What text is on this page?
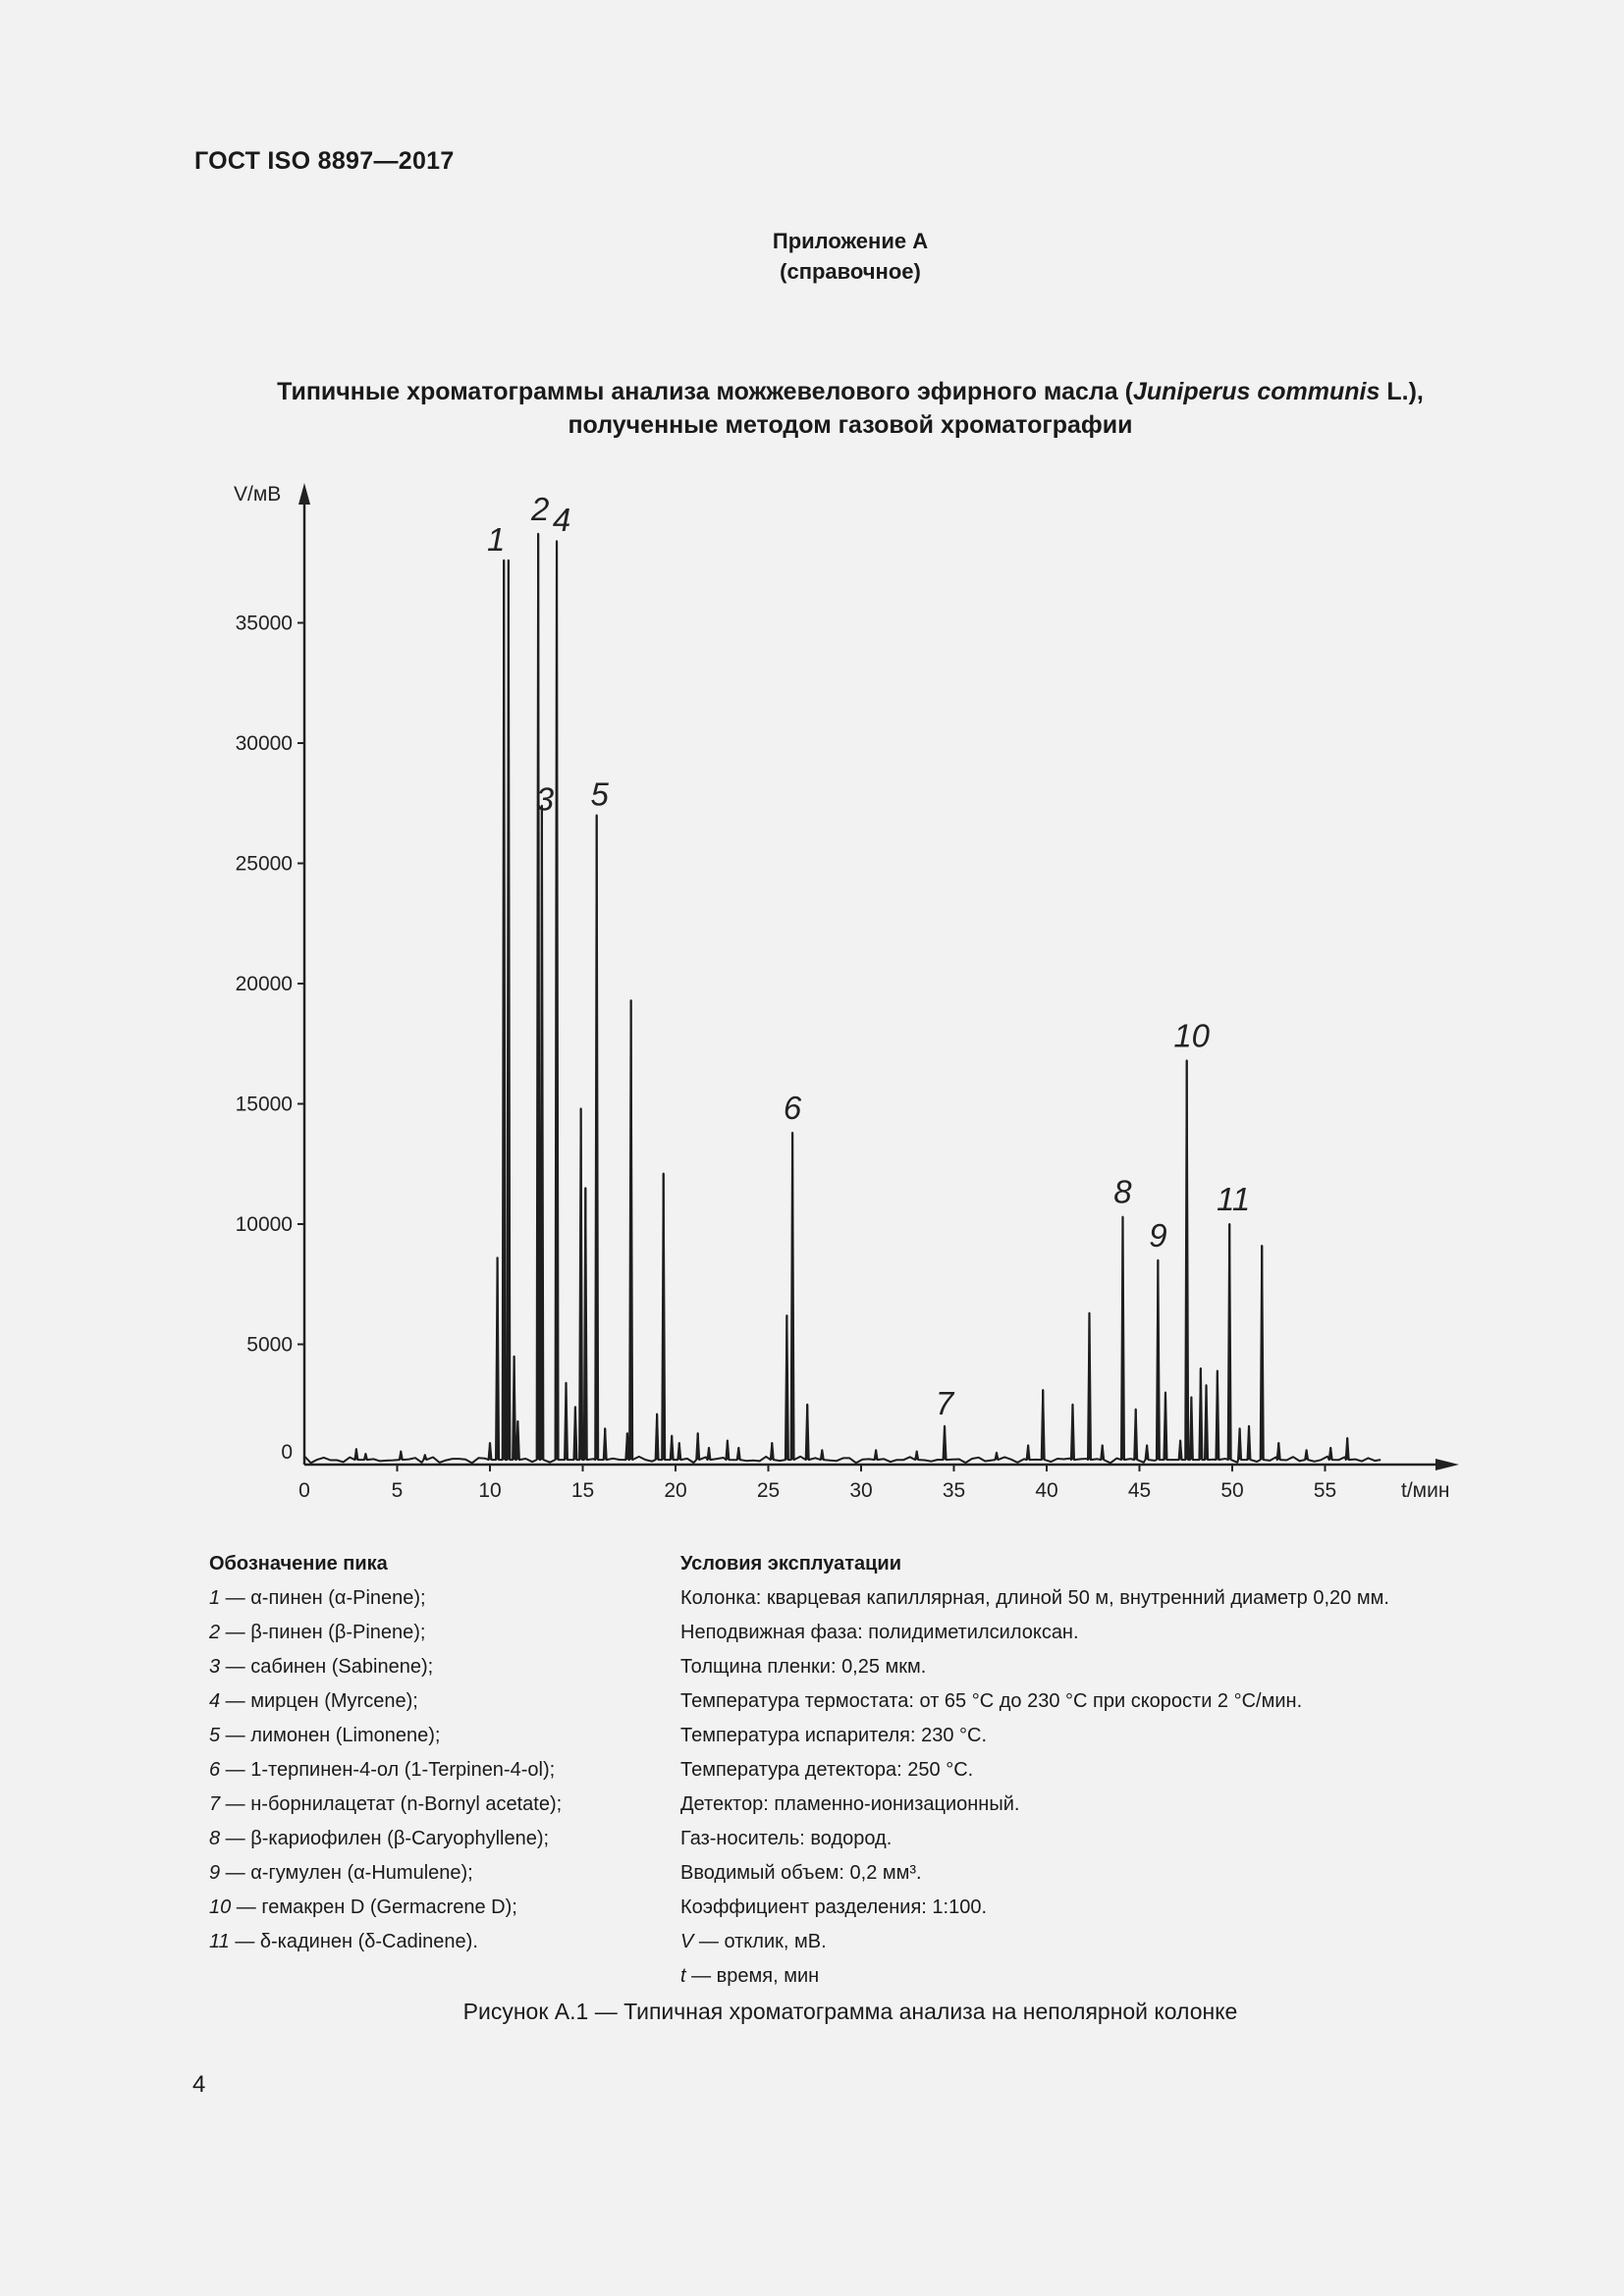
ГОСТ ISO 8897—2017
Приложение А
(справочное)
Типичные хроматограммы анализа можжевелового эфирного масла (Juniperus communis L.),
полученные методом газовой хроматографии
V/мВ
t/мин
0
5000
10000
15000
20000
25000
30000
35000
0	5	10	15	20	25	30	35	40	45	50	55
1
2
3
4
5
6
7
8
9
10
11
Обозначение пика
1 — α-пинен (α-Pinene);
2 — β-пинен (β-Pinene);
3 — сабинен (Sabinene);
4 — мирцен (Myrcene);
5 — лимонен (Limonene);
6 — 1-терпинен-4-ол (1-Terpinen-4-ol);
7 — н-борнилацетат (n-Bornyl acetate);
8 — β-кариофилен (β-Caryophyllene);
9 — α-гумулен (α-Humulene);
10 — гемакрен D (Germacrene D);
11 — δ-кадинен (δ-Cadinene).
Условия эксплуатации
Колонка: кварцевая капиллярная, длиной 50 м, внутренний диаметр 0,20 мм.
Неподвижная фаза: полидиметилсилоксан.
Толщина пленки: 0,25 мкм.
Температура термостата: от 65 °С до 230 °С при скорости 2 °С/мин.
Температура испарителя: 230 °С.
Температура детектора: 250 °С.
Детектор: пламенно-ионизационный.
Газ-носитель: водород.
Вводимый объем: 0,2 мм³.
Коэффициент разделения: 1:100.
V — отклик, мВ.
t — время, мин
Рисунок А.1 — Типичная хроматограмма анализа на неполярной колонке
4
